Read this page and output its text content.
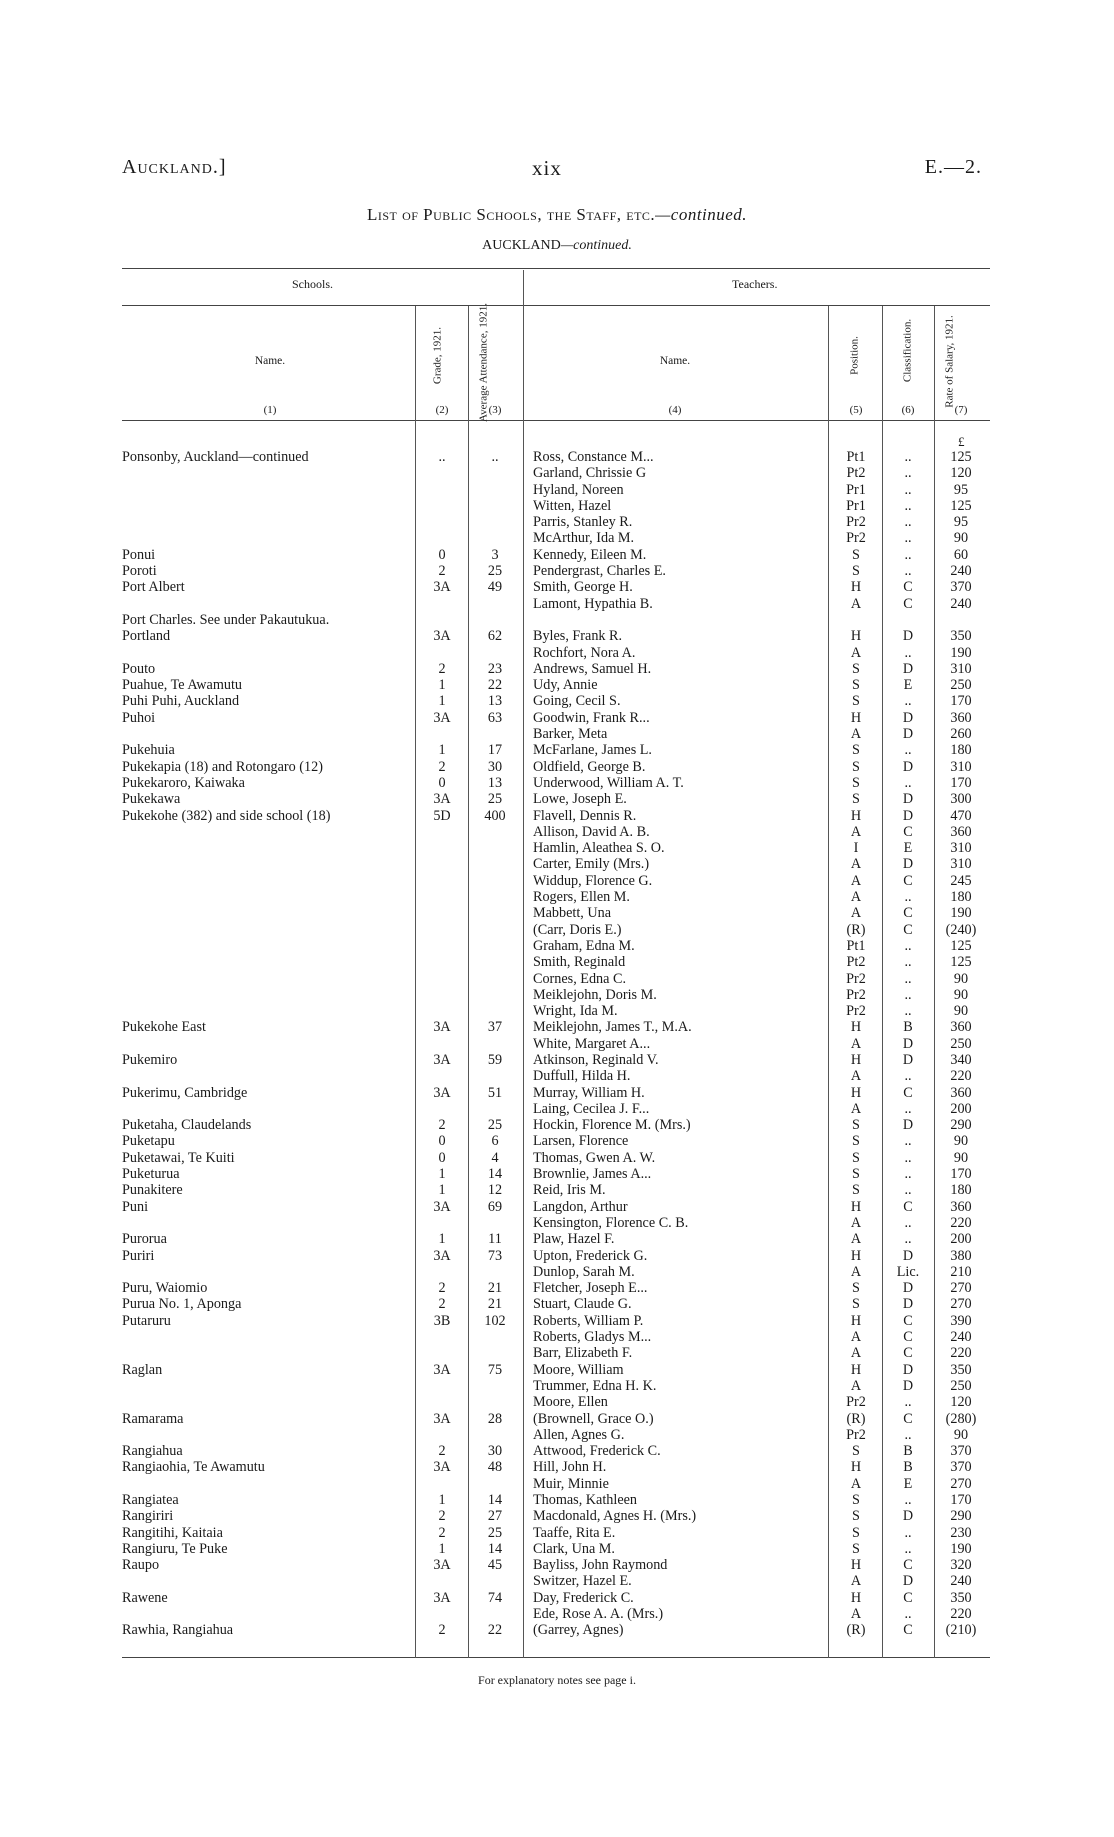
Auckland.]	xix	E.—2.
List of Public Schools, the Staff, etc.—continued.
AUCKLAND—continued.
Schools.	Teachers.
Name.	Grade, 1921.	Average Attendance, 1921.	Name.	Position.	Classification.	Rate of Salary, 1921.
(1)	(2)	(3)	(4)	(5)	(6)	(7)
£
Ponsonby, Auckland—continued	..	..	Ross, Constance M...	Pt1	..	125
Garland, Chrissie G	Pt2	..	120
Hyland, Noreen	Pr1	..	95
Witten, Hazel	Pr1	..	125
Parris, Stanley R.	Pr2	..	95
McArthur, Ida M.	Pr2	..	90
Ponui	0	3	Kennedy, Eileen M.	S	..	60
Poroti	2	25	Pendergrast, Charles E.	S	..	240
Port Albert	3A	49	Smith, George H.	H	C	370
Lamont, Hypathia B.	A	C	240
Port Charles. See under Pakautukua.
Portland	3A	62	Byles, Frank R.	H	D	350
Rochfort, Nora A.	A	..	190
Pouto	2	23	Andrews, Samuel H.	S	D	310
Puahue, Te Awamutu	1	22	Udy, Annie	S	E	250
Puhi Puhi, Auckland	1	13	Going, Cecil S.	S	..	170
Puhoi	3A	63	Goodwin, Frank R...	H	D	360
Barker, Meta	A	D	260
Pukehuia	1	17	McFarlane, James L.	S	..	180
Pukekapia (18) and Rotongaro (12)	2	30	Oldfield, George B.	S	D	310
Pukekaroro, Kaiwaka	0	13	Underwood, William A. T.	S	..	170
Pukekawa	3A	25	Lowe, Joseph E.	S	D	300
Pukekohe (382) and side school (18)	5D	400	Flavell, Dennis R.	H	D	470
Allison, David A. B.	A	C	360
Hamlin, Aleathea S. O.	I	E	310
Carter, Emily (Mrs.)	A	D	310
Widdup, Florence G.	A	C	245
Rogers, Ellen M.	A	..	180
Mabbett, Una	A	C	190
(Carr, Doris E.)	(R)	C	(240)
Graham, Edna M.	Pt1	..	125
Smith, Reginald	Pt2	..	125
Cornes, Edna C.	Pr2	..	90
Meiklejohn, Doris M.	Pr2	..	90
Wright, Ida M.	Pr2	..	90
Pukekohe East	3A	37	Meiklejohn, James T., M.A.	H	B	360
White, Margaret A...	A	D	250
Pukemiro	3A	59	Atkinson, Reginald V.	H	D	340
Duffull, Hilda H.	A	..	220
Pukerimu, Cambridge	3A	51	Murray, William H.	H	C	360
Laing, Cecilea J. F...	A	..	200
Puketaha, Claudelands	2	25	Hockin, Florence M. (Mrs.)	S	D	290
Puketapu	0	6	Larsen, Florence	S	..	90
Puketawai, Te Kuiti	0	4	Thomas, Gwen A. W.	S	..	90
Puketurua	1	14	Brownlie, James A...	S	..	170
Punakitere	1	12	Reid, Iris M.	S	..	180
Puni	3A	69	Langdon, Arthur	H	C	360
Kensington, Florence C. B.	A	..	220
Purorua	1	11	Plaw, Hazel F.	A	..	200
Puriri	3A	73	Upton, Frederick G.	H	D	380
Dunlop, Sarah M.	A	Lic.	210
Puru, Waiomio	2	21	Fletcher, Joseph E...	S	D	270
Purua No. 1, Aponga	2	21	Stuart, Claude G.	S	D	270
Putaruru	3B	102	Roberts, William P.	H	C	390
Roberts, Gladys M...	A	C	240
Barr, Elizabeth F.	A	C	220
Raglan	3A	75	Moore, William	H	D	350
Trummer, Edna H. K.	A	D	250
Moore, Ellen	Pr2	..	120
Ramarama	3A	28	(Brownell, Grace O.)	(R)	C	(280)
Allen, Agnes G.	Pr2	..	90
Rangiahua	2	30	Attwood, Frederick C.	S	B	370
Rangiaohia, Te Awamutu	3A	48	Hill, John H.	H	B	370
Muir, Minnie	A	E	270
Rangiatea	1	14	Thomas, Kathleen	S	..	170
Rangiriri	2	27	Macdonald, Agnes H. (Mrs.)	S	D	290
Rangitihi, Kaitaia	2	25	Taaffe, Rita E.	S	..	230
Rangiuru, Te Puke	1	14	Clark, Una M.	S	..	190
Raupo	3A	45	Bayliss, John Raymond	H	C	320
Switzer, Hazel E.	A	D	240
Rawene	3A	74	Day, Frederick C.	H	C	350
Ede, Rose A. A. (Mrs.)	A	..	220
Rawhia, Rangiahua	2	22	(Garrey, Agnes)	(R)	C	(210)
For explanatory notes see page i.
